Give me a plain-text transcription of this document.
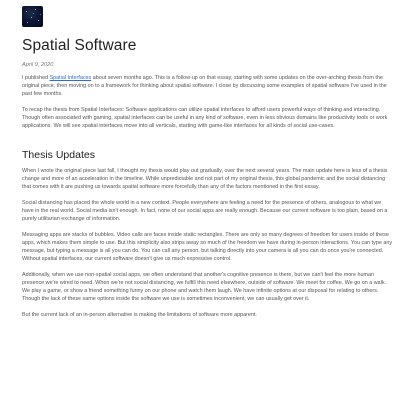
Spatial Software
April 9, 2020

I published Spatial Interfaces about seven months ago. This is a follow-up on that essay, starting with some updates on the over-arching thesis from the original piece, then moving on to a framework for thinking about spatial software. I close by discussing some examples of spatial software I've used in the past few months.

To recap the thesis from Spatial Interfaces: Software applications can utilize spatial interfaces to afford users powerful ways of thinking and interacting. Though often associated with gaming, spatial interfaces can be useful in any kind of software, even in less obvious domains like productivity tools or work applications. We will see spatial interfaces move into all verticals, starting with game-like interfaces for all kinds of social use-cases.

Thesis Updates

When I wrote the original piece last fall, I thought my thesis would play out gradually, over the next several years. The main update here is less of a thesis change and more of an acceleration in the timeline. While unpredictable and not part of my original thesis, this global pandemic and the social distancing that comes with it are pushing us towards spatial software more forcefully than any of the factors mentioned in the first essay.

Social distancing has placed the whole world in a new context. People everywhere are feeling a need for the presence of others, analogous to what we have in the real world. Social media isn't enough. In fact, none of our social apps are really enough. Because our current software is too plain, based on a purely utilitarian exchange of information.

Messaging apps are stacks of bubbles. Video calls are faces inside static rectangles. There are only so many degrees of freedom for users inside of these apps, which makes them simple to use. But this simplicity also strips away so much of the freedom we have during in-person interactions. You can type any message, but typing a message is all you can do. You can call any person, but talking directly into your camera is all you can do once you're connected. Without spatial interfaces, our current software doesn't give us much expressive control.

Additionally, when we use non-spatial social apps, we often understand that another's cognitive presence is there, but we can't feel the more human presence we're wired to need. When we're not social distancing, we fulfill this need elsewhere, outside of software. We meet for coffee. We go on a walk. We play a game, or show a friend something funny on our phone and watch them laugh. We have infinite options at our disposal for relating to others. Though the lack of these same options inside the software we use is sometimes inconvenient, we can usually get over it.

But the current lack of an in-person alternative is making the limitations of software more apparent.
